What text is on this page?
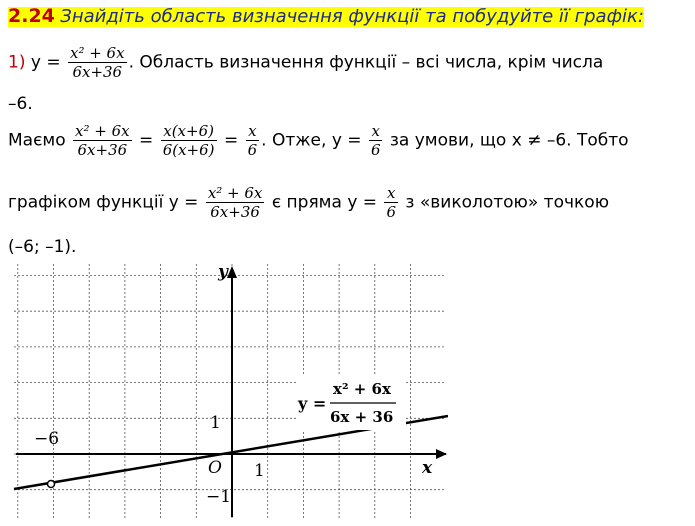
2.24 Знайдіть область визначення функції та побудуйте її графік:
1) $y = \frac{\text{x² + 6x}}{6x+36}$ . Область визначення функції – всі числа, крім числа
–6.
Маємо $\frac{\text{x² + 6x}}{6x+36} = \frac{x(x+6)}{6(x+6)} = \frac{x}{6}$ . Отже, $y = \frac{x}{6}$ за умови, що x ≠ –6. Тобто
графіком функції $y = \frac{\text{x² + 6x}}{6x+36}$ є пряма $y = \frac{x}{6}$ з «виколотою» точкою
(–6; –1).
y
x
O 1
1
−1
−6
y =
x² + 6x
6x + 36
